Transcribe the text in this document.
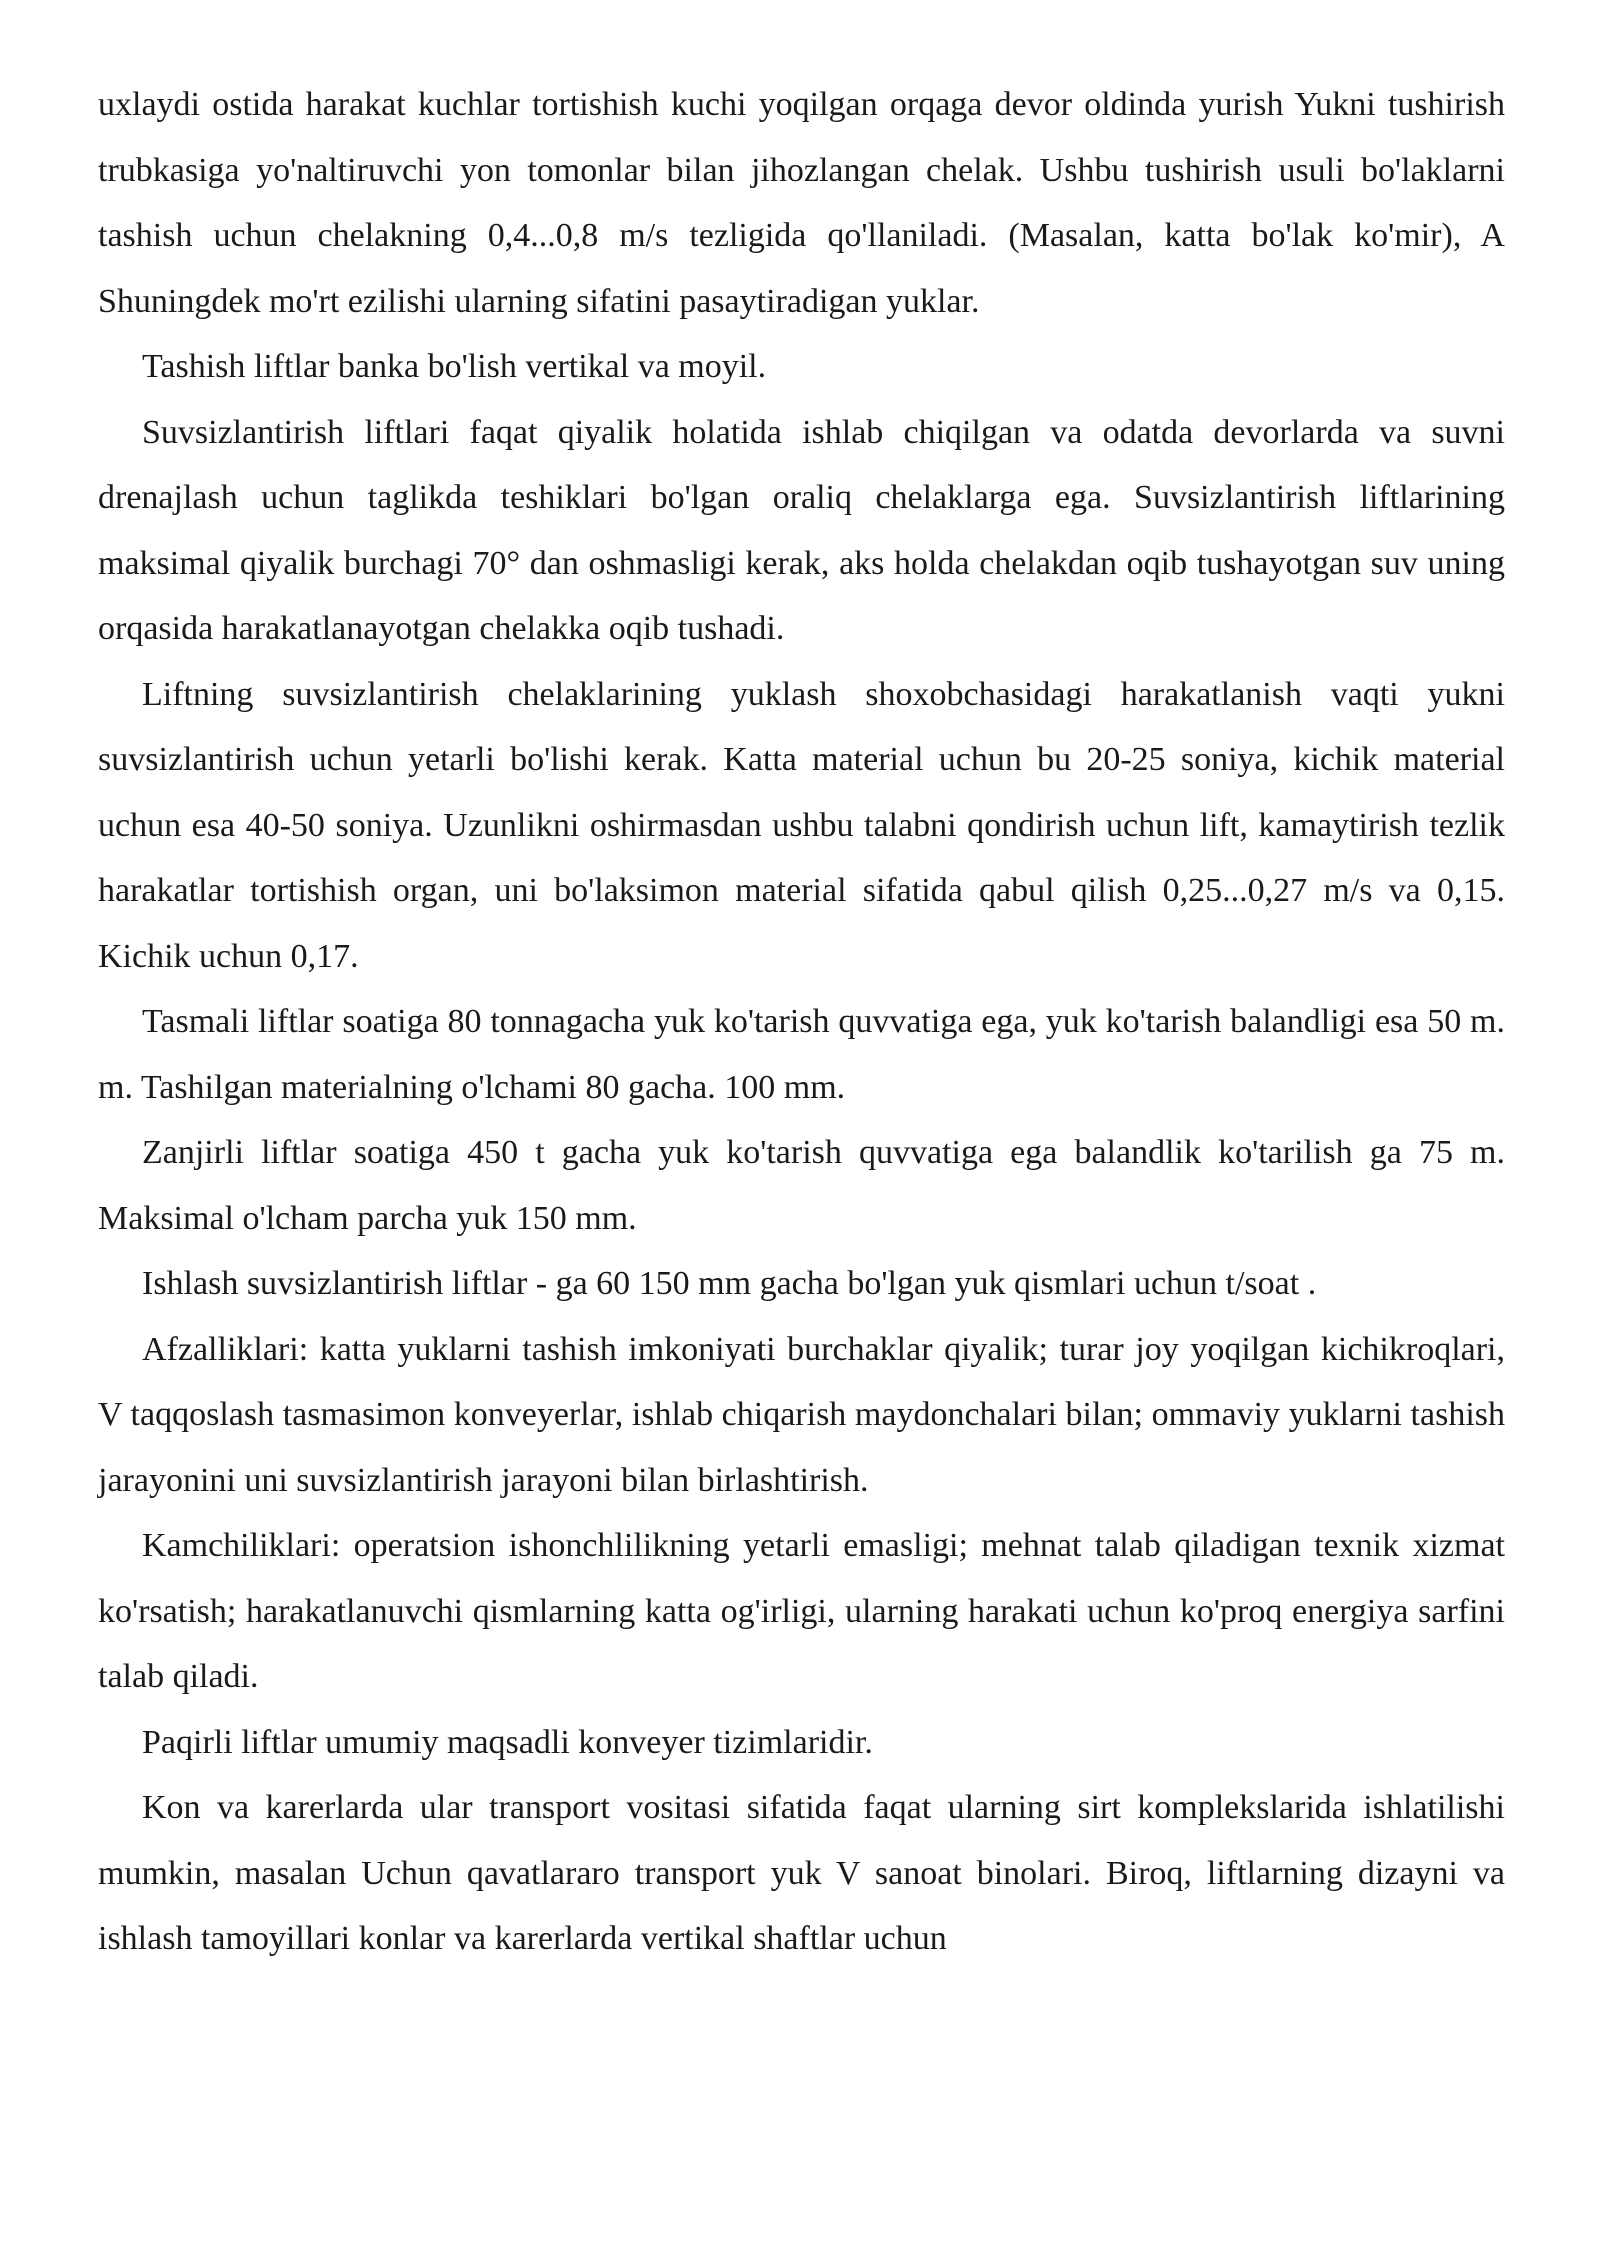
uxlaydi ostida harakat kuchlar tortishish kuchi yoqilgan orqaga devor oldinda yurish Yukni tushirish trubkasiga yo'naltiruvchi yon tomonlar bilan jihozlangan chelak. Ushbu tushirish usuli bo'laklarni tashish uchun chelakning 0,4...0,8 m/s tezligida qo'llaniladi. (Masalan, katta bo'lak ko'mir), A Shuningdek mo'rt ezilishi ularning sifatini pasaytiradigan yuklar.

Tashish liftlar banka bo'lish vertikal va moyil.

Suvsizlantirish liftlari faqat qiyalik holatida ishlab chiqilgan va odatda devorlarda va suvni drenajlash uchun taglikda teshiklari bo'lgan oraliq chelaklarga ega. Suvsizlantirish liftlarining maksimal qiyalik burchagi 70° dan oshmasligi kerak, aks holda chelakdan oqib tushayotgan suv uning orqasida harakatlanayotgan chelakka oqib tushadi.

Liftning suvsizlantirish chelaklarining yuklash shoxobchasidagi harakatlanish vaqti yukni suvsizlantirish uchun yetarli bo'lishi kerak. Katta material uchun bu 20-25 soniya, kichik material uchun esa 40-50 soniya. Uzunlikni oshirmasdan ushbu talabni qondirish uchun lift, kamaytirish tezlik harakatlar tortishish organ, uni bo'laksimon material sifatida qabul qilish 0,25...0,27 m/s va 0,15. Kichik uchun 0,17.

Tasmali liftlar soatiga 80 tonnagacha yuk ko'tarish quvvatiga ega, yuk ko'tarish balandligi esa 50 m. m. Tashilgan materialning o'lchami 80 gacha. 100 mm.

Zanjirli liftlar soatiga 450 t gacha yuk ko'tarish quvvatiga ega balandlik ko'tarilish ga 75 m. Maksimal o'lcham parcha yuk 150 mm.

Ishlash suvsizlantirish liftlar - ga 60 150 mm gacha bo'lgan yuk qismlari uchun t/soat .

Afzalliklari: katta yuklarni tashish imkoniyati burchaklar qiyalik; turar joy yoqilgan kichikroqlari, V taqqoslash tasmasimon konveyerlar, ishlab chiqarish maydonchalari bilan; ommaviy yuklarni tashish jarayonini uni suvsizlantirish jarayoni bilan birlashtirish.

Kamchiliklari: operatsion ishonchlilikning yetarli emasligi; mehnat talab qiladigan texnik xizmat ko'rsatish; harakatlanuvchi qismlarning katta og'irligi, ularning harakati uchun ko'proq energiya sarfini talab qiladi.

Paqirli liftlar umumiy maqsadli konveyer tizimlaridir.

Kon va karerlarda ular transport vositasi sifatida faqat ularning sirt komplekslarida ishlatilishi mumkin, masalan Uchun qavatlararo transport yuk V sanoat binolari. Biroq, liftlarning dizayni va ishlash tamoyillari konlar va karerlarda vertikal shaftlar uchun
